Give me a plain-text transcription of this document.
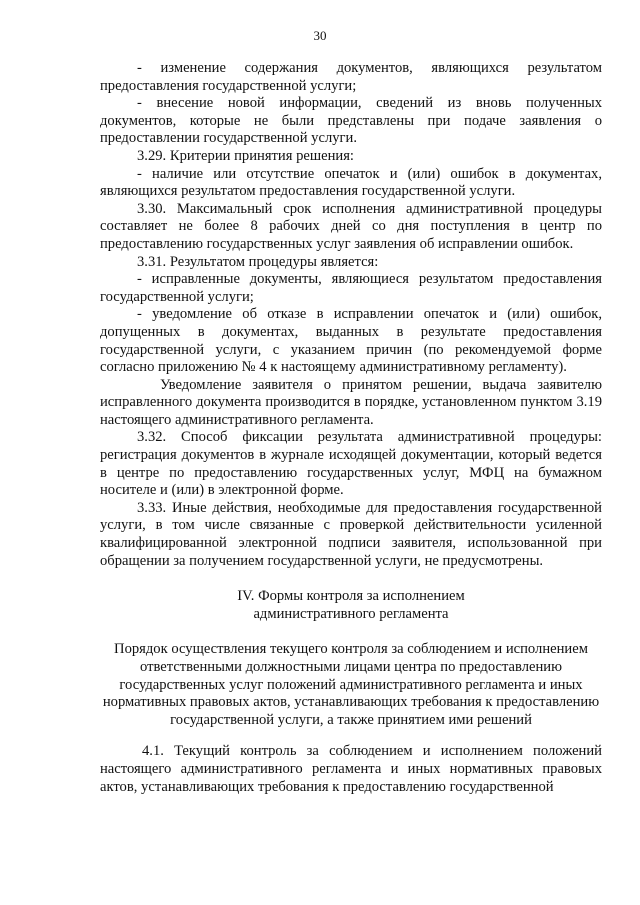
30

- изменение содержания документов, являющихся результатом предоставления государственной услуги;

- внесение новой информации, сведений из вновь полученных документов, которые не были представлены при подаче заявления о предоставлении государственной услуги.

3.29. Критерии принятия решения:

- наличие или отсутствие опечаток и (или) ошибок в документах, являющихся результатом предоставления государственной услуги.

3.30. Максимальный срок исполнения административной процедуры составляет не более 8 рабочих дней со дня поступления в центр по предоставлению государственных услуг заявления об исправлении ошибок.

3.31. Результатом процедуры является:

- исправленные документы, являющиеся результатом предоставления государственной услуги;

- уведомление об отказе в исправлении опечаток и (или) ошибок, допущенных в документах, выданных в результате предоставления государственной услуги, с указанием причин (по рекомендуемой форме согласно приложению № 4 к настоящему административному регламенту).

Уведомление заявителя о принятом решении, выдача заявителю исправленного документа производится в порядке, установленном пунктом 3.19 настоящего административного регламента.

3.32. Способ фиксации результата административной процедуры: регистрация документов в журнале исходящей документации, который ведется в центре по предоставлению государственных услуг, МФЦ на бумажном носителе и (или) в электронной форме.

3.33. Иные действия, необходимые для предоставления государственной услуги, в том числе связанные с проверкой действительности усиленной квалифицированной электронной подписи заявителя, использованной при обращении за получением государственной услуги, не предусмотрены.

IV. Формы контроля за исполнением
административного регламента
Порядок осуществления текущего контроля за соблюдением и исполнением ответственными должностными лицами центра по предоставлению государственных услуг положений административного регламента и иных нормативных правовых актов, устанавливающих требования к предоставлению государственной услуги, а также принятием ими решений

4.1. Текущий контроль за соблюдением и исполнением положений настоящего административного регламента и иных нормативных правовых актов, устанавливающих требования к предоставлению государственной
